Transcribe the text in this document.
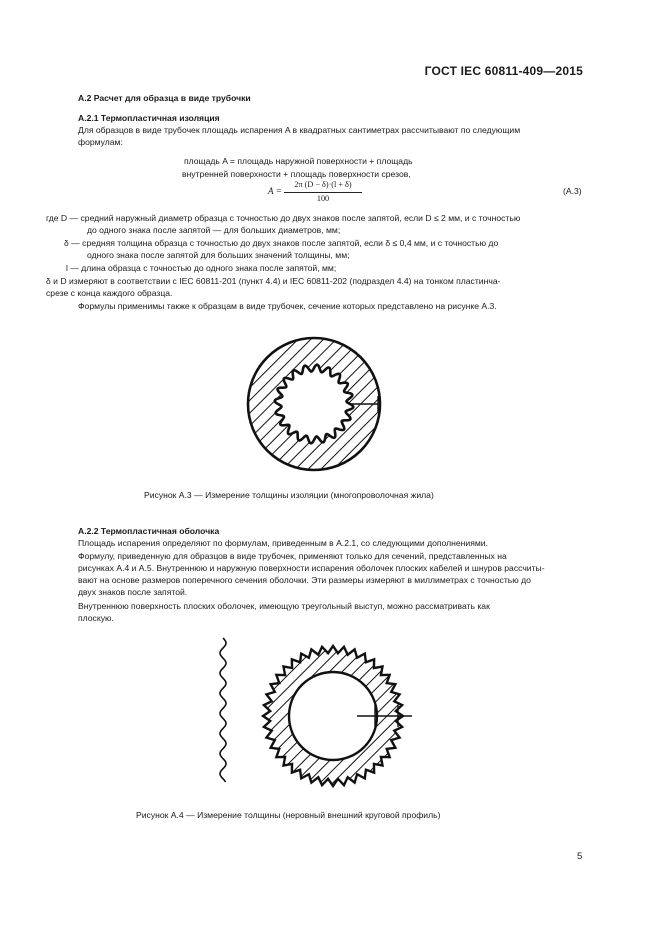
ГОСТ IEC 60811-409—2015
А.2 Расчет для образца в виде трубочки
А.2.1 Термопластичная изоляция
Для образцов в виде трубочек площадь испарения A в квадратных сантиметрах рассчитывают по следующим
формулам:
площадь A = площадь наружной поверхности + площадь
внутренней поверхности + площадь поверхности срезов,
A =
2π (D − δ)·(l + δ)
100
(А.3)
где D — средний наружный диаметр образца с точностью до двух знаков после запятой, если D ≤ 2 мм, и с точностью
до одного знака после запятой — для больших диаметров, мм;
δ — средняя толщина образца с точностью до двух знаков после запятой, если δ ≤ 0,4 мм, и с точностью до
одного знака после запятой для больших значений толщины, мм;
l — длина образца с точностью до одного знака после запятой, мм;
δ и D измеряют в соответствии с IEC 60811-201 (пункт 4.4) и IEC 60811-202 (подраздел 4.4) на тонком пластинча-
срезе с конца каждого образца.
Формулы применимы также к образцам в виде трубочек, сечение которых представлено на рисунке А.3.
Рисунок А.3 — Измерение толщины изоляции (многопроволочная жила)
А.2.2 Термопластичная оболочка
Площадь испарения определяют по формулам, приведенным в А.2.1, со следующими дополнениями.
Формулу, приведенную для образцов в виде трубочек, применяют только для сечений, представленных на
рисунках А.4 и А.5. Внутреннюю и наружную поверхности испарения оболочек плоских кабелей и шнуров рассчиты-
вают на основе размеров поперечного сечения оболочки. Эти размеры измеряют в миллиметрах с точностью до
двух знаков после запятой.
Внутреннюю поверхность плоских оболочек, имеющую треугольный выступ, можно рассматривать как
плоскую.
Рисунок А.4 — Измерение толщины (неровный внешний круговой профиль)
5
